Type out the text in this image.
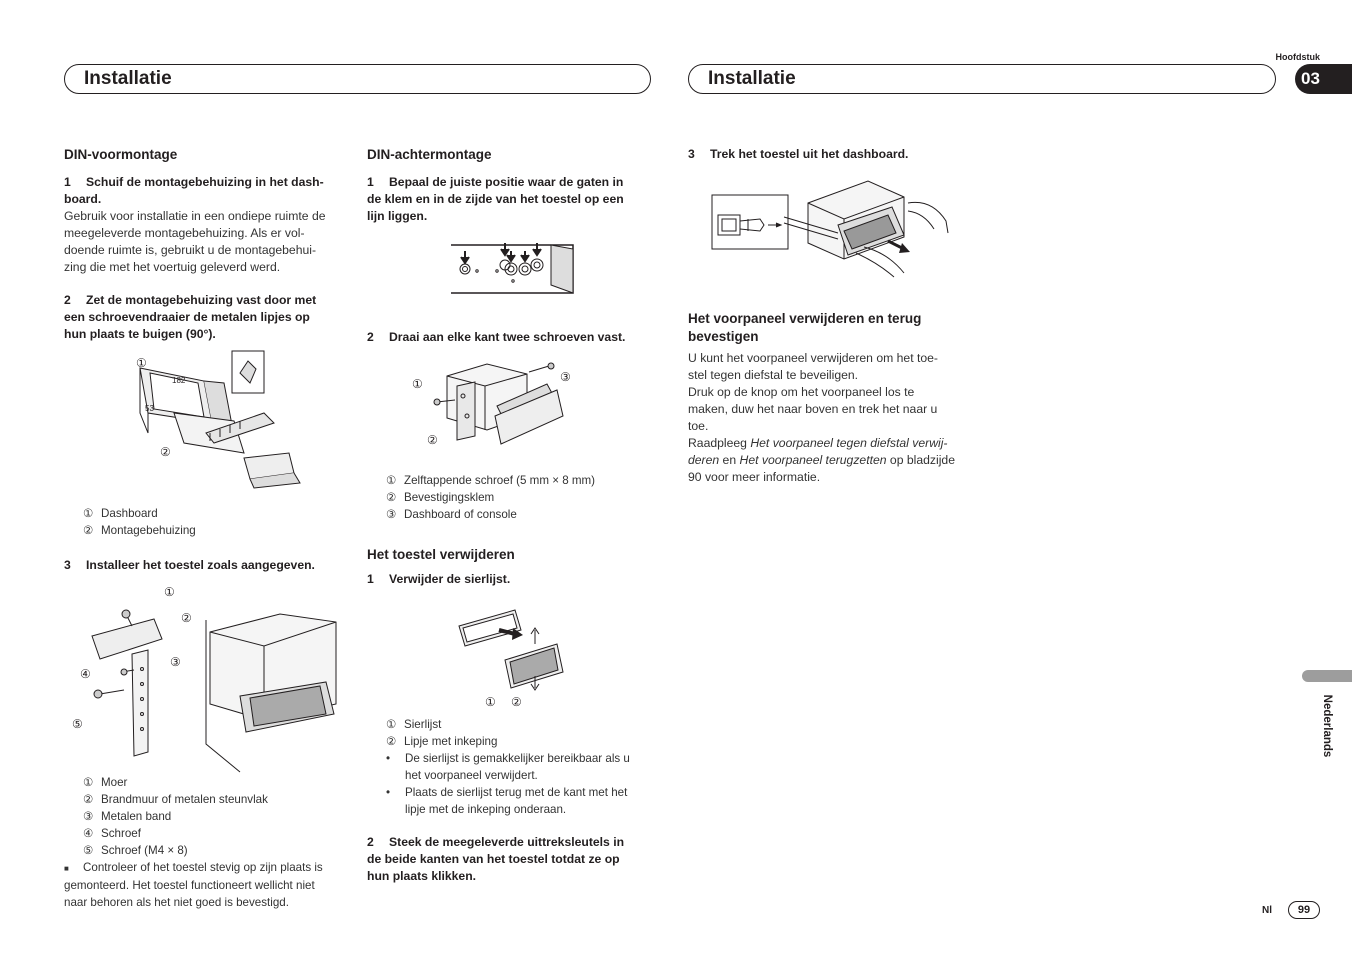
Installatie	Installatie
Hoofdstuk
03
DIN-voormontage

1 Schuif de montagebehuizing in het dash-
board.

Gebruik voor installatie in een ondiepe ruimte de
meegeleverde montagebehuizing. Als er vol-
doende ruimte is, gebruikt u de montagebehui-
zing die met het voertuig geleverd werd.

2 Zet de montagebehuizing vast door met
een schroevendraaier de metalen lipjes op
hun plaats te buigen (90°).

182
53
①
②

① Dashboard

② Montagebehuizing

3 Installeer het toestel zoals aangegeven.

①
②
③
④
⑤

① Moer

② Brandmuur of metalen steunvlak

③ Metalen band

④ Schroef

⑤ Schroef (M4 × 8)

■ Controleer of het toestel stevig op zijn plaats is
gemonteerd. Het toestel functioneert wellicht niet
naar behoren als het niet goed is bevestigd.

DIN-achtermontage

1 Bepaal de juiste positie waar de gaten in
de klem en in de zijde van het toestel op een
lijn liggen.

2 Draai aan elke kant twee schroeven vast.

①
②
③

① Zelftappende schroef (5 mm × 8 mm)

② Bevestigingsklem

③ Dashboard of console

Het toestel verwijderen

1 Verwijder de sierlijst.

① ②

① Sierlijst

② Lipje met inkeping

• De sierlijst is gemakkelijker bereikbaar als u
het voorpaneel verwijdert.

• Plaats de sierlijst terug met de kant met het
lipje met de inkeping onderaan.

2 Steek de meegeleverde uittreksleutels in
de beide kanten van het toestel totdat ze op
hun plaats klikken.

3 Trek het toestel uit het dashboard.

Het voorpaneel verwijderen en terug
bevestigen

U kunt het voorpaneel verwijderen om het toe-
stel tegen diefstal te beveiligen.

Druk op de knop om het voorpaneel los te
maken, duw het naar boven en trek het naar u
toe.

Raadpleeg Het voorpaneel tegen diefstal verwij-
deren en Het voorpaneel terugzetten op bladzijde
90 voor meer informatie.

Nederlands
Nl	99
